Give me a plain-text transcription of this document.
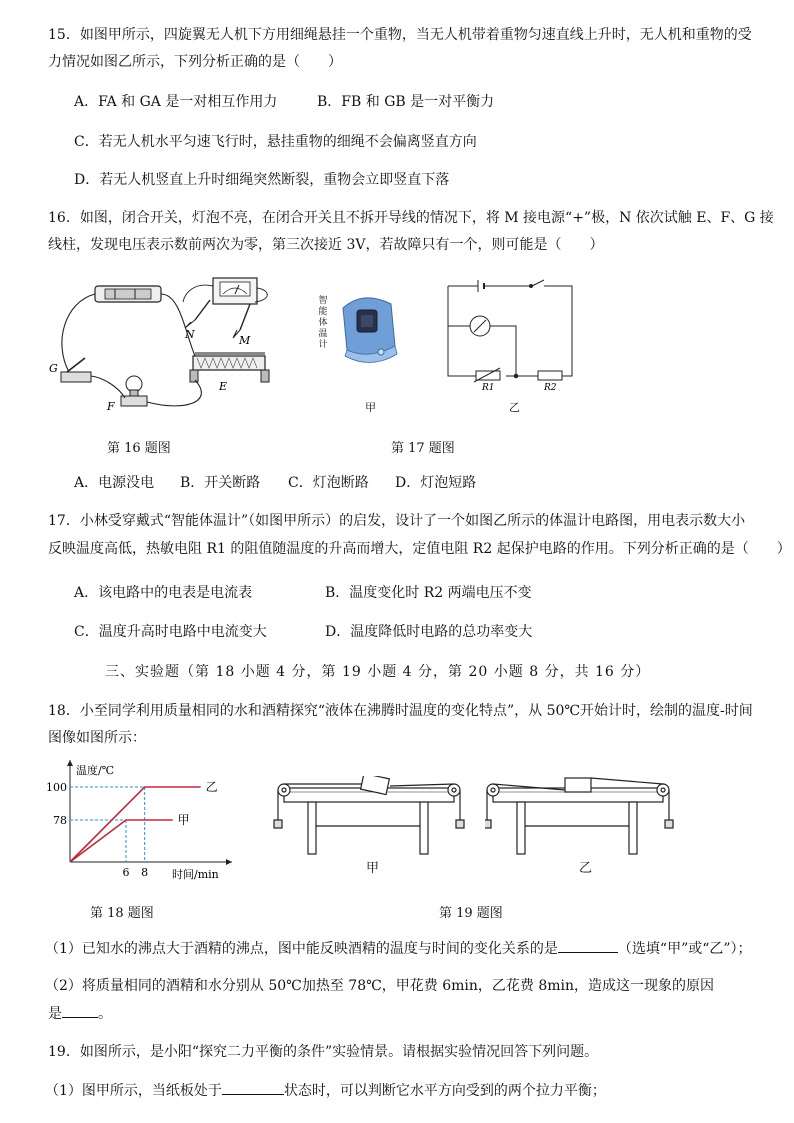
15．如图甲所示，四旋翼无人机下方用细绳悬挂一个重物，当无人机带着重物匀速直线上升时，无人机和重物的受
力情况如图乙所示，下列分析正确的是（　　）
A．FA 和 GA 是一对相互作用力	B．FB 和 GB 是一对平衡力
C．若无人机水平匀速飞行时，悬挂重物的细绳不会偏离竖直方向
D．若无人机竖直上升时细绳突然断裂，重物会立即竖直下落
16．如图，闭合开关，灯泡不亮，在闭合开关且不拆开导线的情况下，将 M 接电源“+”极，N 依次试触 E、F、G 接
线柱，发现电压表示数前两次为零，第三次接近 3V，若故障只有一个，则可能是（　　）
N	M
E
G
F
智
能
体
温
计
甲
R1	R2
乙
第 16 题图	第 17 题图
A．电源没电 B．开关断路 C．灯泡断路 D．灯泡短路
17．小林受穿戴式“智能体温计”（如图甲所示）的启发，设计了一个如图乙所示的体温计电路图，用电表示数大小
反映温度高低，热敏电阻 R1 的阻值随温度的升高而增大，定值电阻 R2 起保护电路的作用。下列分析正确的是（　　）
A．该电路中的电表是电流表	B．温度变化时 R2 两端电压不变
C．温度升高时电路中电流变大	D．温度降低时电路的总功率变大
三、实验题（第 18 小题 4 分，第 19 小题 4 分，第 20 小题 8 分，共 16 分）
18．小至同学利用质量相同的水和酒精探究“液体在沸腾时温度的变化特点”，从 50℃开始计时，绘制的温度-时间
图像如图所示：
甲
乙
78
100
6 8
温度/℃
时间/min	甲	乙
第 18 题图	第 19 题图
（1）已知水的沸点大于酒精的沸点，图中能反映酒精的温度与时间的变化关系的是	（选填“甲”或“乙”）；
（2）将质量相同的酒精和水分别从 50℃加热至 78℃，甲花费 6min，乙花费 8min，造成这一现象的原因
是	。
19．如图所示，是小阳“探究二力平衡的条件”实验情景。请根据实验情况回答下列问题。
（1）图甲所示，当纸板处于	状态时，可以判断它水平方向受到的两个拉力平衡；
